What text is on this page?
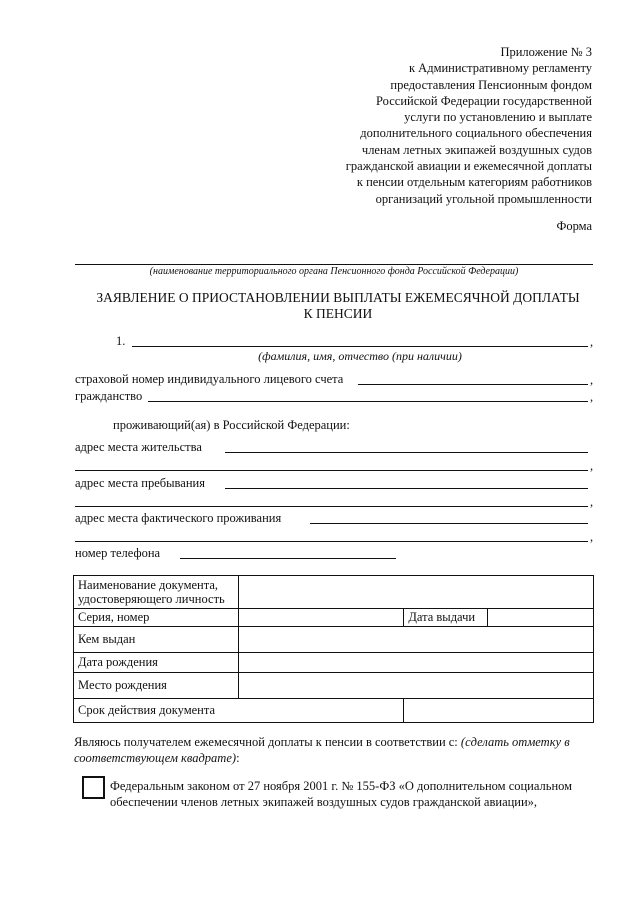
Приложение № 3
к Административному регламенту
предоставления Пенсионным фондом
Российской Федерации государственной
услуги по установлению и выплате
дополнительного социального обеспечения
членам летных экипажей воздушных судов
гражданской авиации и ежемесячной доплаты
к пенсии отдельным категориям работников
организаций угольной промышленности
Форма
(наименование территориального органа Пенсионного фонда Российской Федерации)
ЗАЯВЛЕНИЕ О ПРИОСТАНОВЛЕНИИ ВЫПЛАТЫ ЕЖЕМЕСЯЧНОЙ ДОПЛАТЫ
К ПЕНСИИ
1.	,
(фамилия, имя, отчество (при наличии)
страховой номер индивидуального лицевого счета	,
гражданство	,
проживающий(ая) в Российской Федерации:
адрес места жительства
,
адрес места пребывания
,
адрес места фактического проживания
,
номер телефона
Наименование документа,
удостоверяющего личность			

Серия, номер		Дата выдачи	
Кем выдан			
Дата рождения			
Место рождения			
Срок действия документа			
Являюсь получателем ежемесячной доплаты к пенсии в соответствии с: (сделать отметку в соответствующем квадрате):
Федеральным законом от 27 ноября 2001 г. № 155-ФЗ «О дополнительном социальном
обеспечении членов летных экипажей воздушных судов гражданской авиации»,
